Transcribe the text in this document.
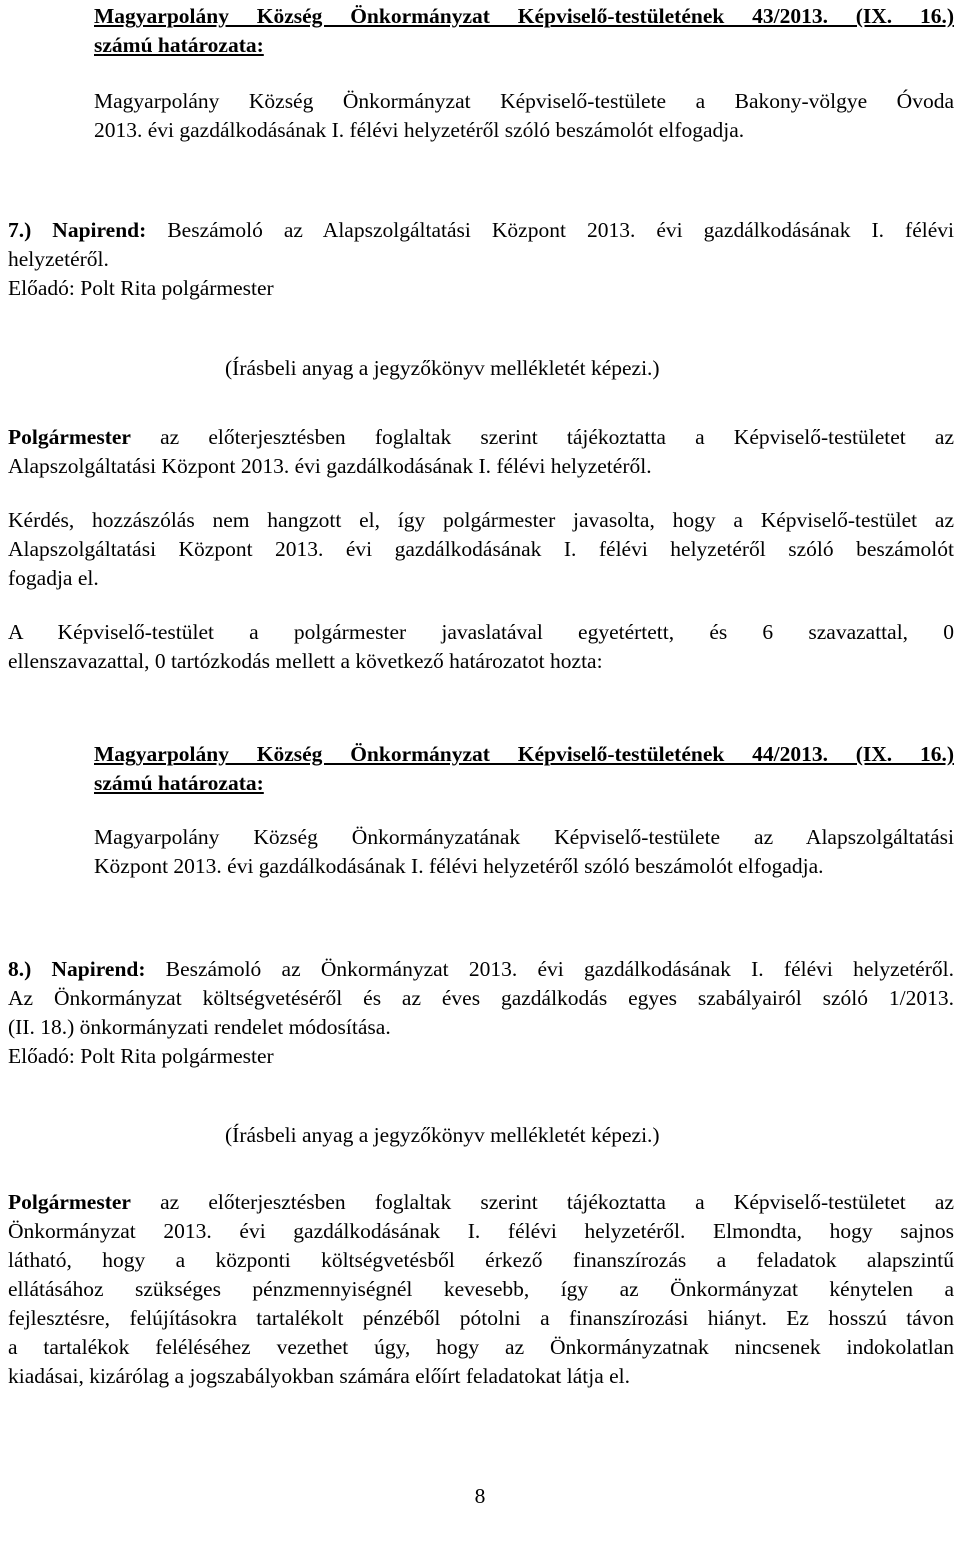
Magyarpolány Község Önkormányzat Képviselő-testületének 43/2013. (IX. 16.)
számú határozata:
Magyarpolány Község Önkormányzat Képviselő-testülete a Bakony-völgye Óvoda
2013. évi gazdálkodásának I. félévi helyzetéről szóló beszámolót elfogadja.
7.) Napirend: Beszámoló az Alapszolgáltatási Központ 2013. évi gazdálkodásának I. félévi
helyzetéről.
Előadó: Polt Rita polgármester
(Írásbeli anyag a jegyzőkönyv mellékletét képezi.)
Polgármester az előterjesztésben foglaltak szerint tájékoztatta a Képviselő-testületet az
Alapszolgáltatási Központ 2013. évi gazdálkodásának I. félévi helyzetéről.
Kérdés, hozzászólás nem hangzott el, így polgármester javasolta, hogy a Képviselő-testület az
Alapszolgáltatási Központ 2013. évi gazdálkodásának I. félévi helyzetéről szóló beszámolót
fogadja el.
A Képviselő-testület a polgármester javaslatával egyetértett, és 6 szavazattal, 0
ellenszavazattal, 0 tartózkodás mellett a következő határozatot hozta:
Magyarpolány Község Önkormányzat Képviselő-testületének 44/2013. (IX. 16.)
számú határozata:
Magyarpolány Község Önkormányzatának Képviselő-testülete az Alapszolgáltatási
Központ 2013. évi gazdálkodásának I. félévi helyzetéről szóló beszámolót elfogadja.
8.) Napirend: Beszámoló az Önkormányzat 2013. évi gazdálkodásának I. félévi helyzetéről.
Az Önkormányzat költségvetéséről és az éves gazdálkodás egyes szabályairól szóló 1/2013.
(II. 18.) önkormányzati rendelet módosítása.
Előadó: Polt Rita polgármester
(Írásbeli anyag a jegyzőkönyv mellékletét képezi.)
Polgármester az előterjesztésben foglaltak szerint tájékoztatta a Képviselő-testületet az
Önkormányzat 2013. évi gazdálkodásának I. félévi helyzetéről. Elmondta, hogy sajnos
látható, hogy a központi költségvetésből érkező finanszírozás a feladatok alapszintű
ellátásához szükséges pénzmennyiségnél kevesebb, így az Önkormányzat kénytelen a
fejlesztésre, felújításokra tartalékolt pénzéből pótolni a finanszírozási hiányt. Ez hosszú távon
a tartalékok feléléséhez vezethet úgy, hogy az Önkormányzatnak nincsenek indokolatlan
kiadásai, kizárólag a jogszabályokban számára előírt feladatokat látja el.
8
